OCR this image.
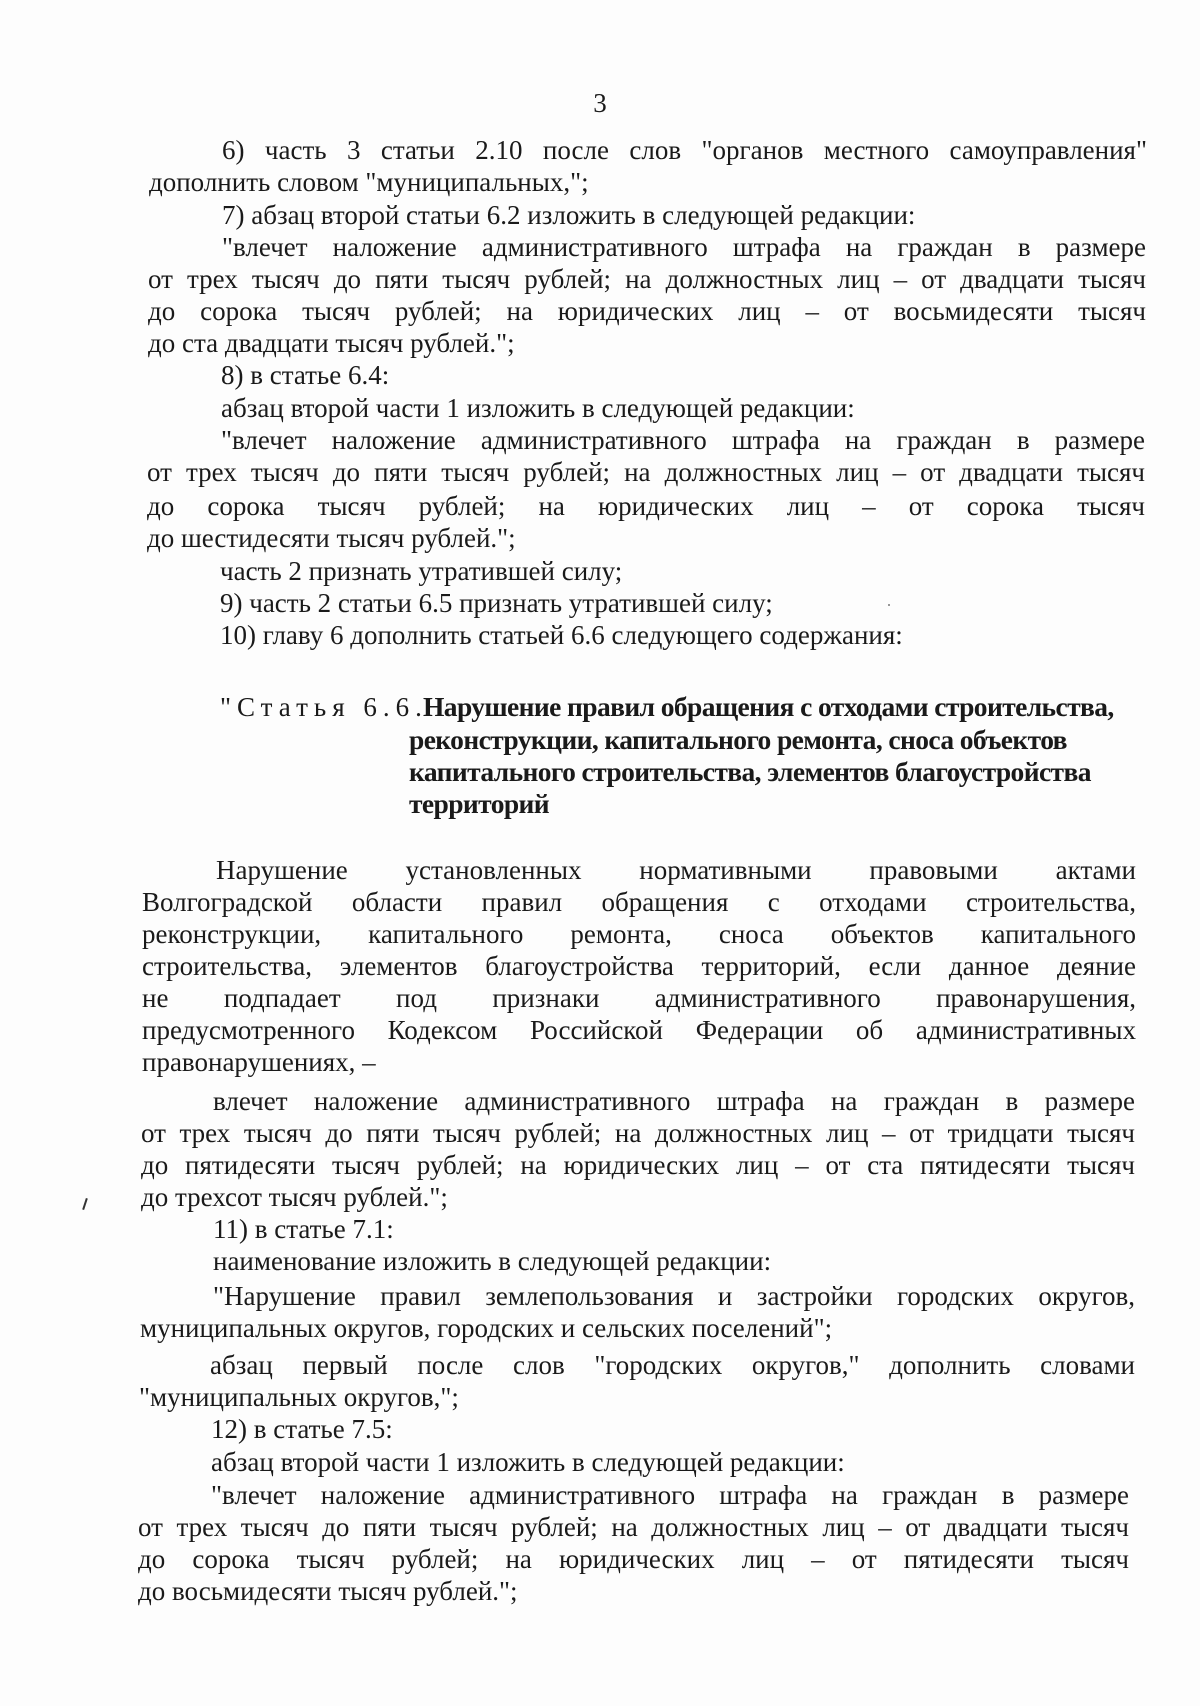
3
6) часть 3 статьи 2.10 после слов "органов местного самоуправления"
дополнить словом "муниципальных,";
7) абзац второй статьи 6.2 изложить в следующей редакции:
"влечет наложение административного штрафа на граждан в размере
от трех тысяч до пяти тысяч рублей; на должностных лиц – от двадцати тысяч
до сорока тысяч рублей; на юридических лиц – от восьмидесяти тысяч
до ста двадцати тысяч рублей.";
8) в статье 6.4:
абзац второй части 1 изложить в следующей редакции:
"влечет наложение административного штрафа на граждан в размере
от трех тысяч до пяти тысяч рублей; на должностных лиц – от двадцати тысяч
до сорока тысяч рублей; на юридических лиц – от сорока тысяч
до шестидесяти тысяч рублей.";
часть 2 признать утратившей силу;
9) часть 2 статьи 6.5 признать утратившей силу;
10) главу 6 дополнить статьей 6.6 следующего содержания:
"Статья 6.6.
Нарушение правил обращения с отходами строительства,
реконструкции, капитального ремонта, сноса объектов
капитального строительства, элементов благоустройства
территорий
Нарушение установленных нормативными правовыми актами
Волгоградской области правил обращения с отходами строительства,
реконструкции, капитального ремонта, сноса объектов капитального
строительства, элементов благоустройства территорий, если данное деяние
не подпадает под признаки административного правонарушения,
предусмотренного Кодексом Российской Федерации об административных
правонарушениях, –
влечет наложение административного штрафа на граждан в размере
от трех тысяч до пяти тысяч рублей; на должностных лиц – от тридцати тысяч
до пятидесяти тысяч рублей; на юридических лиц – от ста пятидесяти тысяч
до трехсот тысяч рублей.";
11) в статье 7.1:
наименование изложить в следующей редакции:
"Нарушение правил землепользования и застройки городских округов,
муниципальных округов, городских и сельских поселений";
абзац первый после слов "городских округов," дополнить словами
"муниципальных округов,";
12) в статье 7.5:
абзац второй части 1 изложить в следующей редакции:
"влечет наложение административного штрафа на граждан в размере
от трех тысяч до пяти тысяч рублей; на должностных лиц – от двадцати тысяч
до сорока тысяч рублей; на юридических лиц – от пятидесяти тысяч
до восьмидесяти тысяч рублей.";
